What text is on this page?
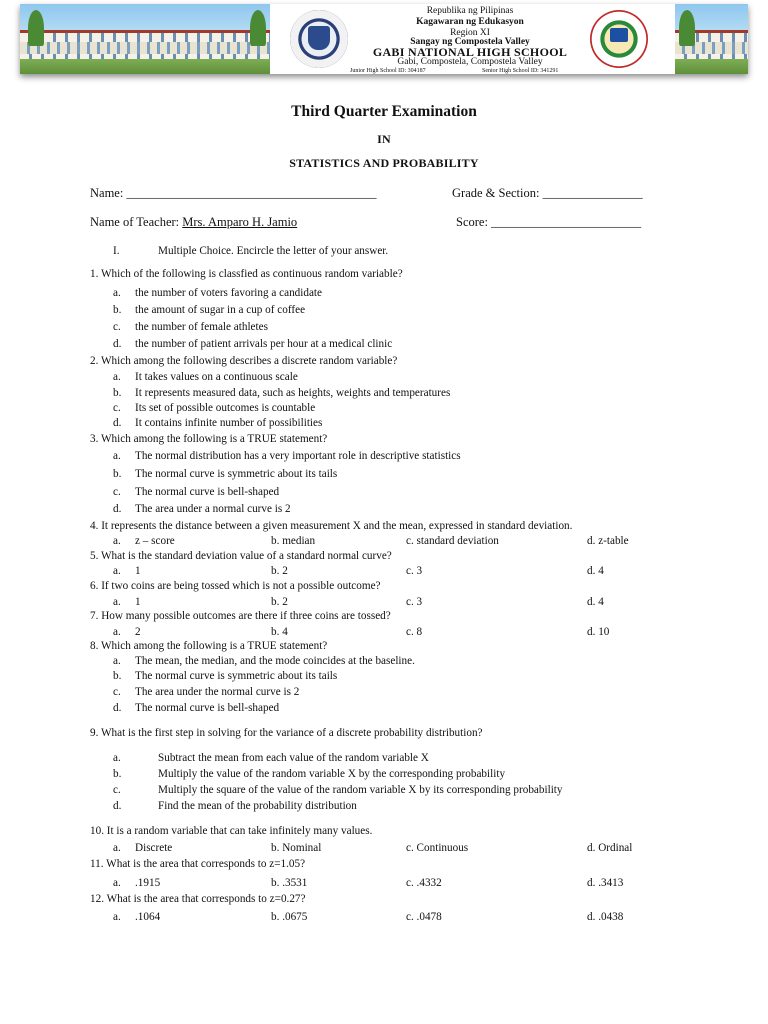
Republika ng Pilipinas
Kagawaran ng Edukasyon
Region XI
Sangay ng Compostela Valley
GABI NATIONAL HIGH SCHOOL
Gabi, Compostela, Compostela Valley
Junior High School ID: 304187	Senior High School ID: 341291
Third Quarter Examination
IN
STATISTICS AND PROBABILITY
Name: ________________________________________	Grade & Section: ________________
Name of Teacher: Mrs. Amparo H. Jamio	Score: ________________________
I.	Multiple Choice. Encircle the letter of your answer.
1. Which of the following is classfied as continuous random variable?
a. the number of voters favoring a candidate
b. the amount of sugar in a cup of coffee
c. the number of female athletes
d. the number of patient arrivals per hour at a medical clinic
2. Which among the following describes a discrete random variable?
a. It takes values on a continuous scale
b. It represents measured data, such as heights, weights and temperatures
c. Its set of possible outcomes is countable
d. It contains infinite number of possibilities
3. Which among the following is a TRUE statement?
a. The normal distribution has a very important role in descriptive statistics
b. The normal curve is symmetric about its tails
c. The normal curve is bell-shaped
d. The area under a normal curve is 2
4. It represents the distance between a given measurement X and the mean, expressed in standard deviation.
a. z – score	b. median	c. standard deviation	d. z-table
5. What is the standard deviation value of a standard normal curve?
a. 1	b. 2	c. 3	d. 4
6. If two coins are being tossed which is not a possible outcome?
a. 1	b. 2	c. 3	d. 4
7. How many possible outcomes are there if three coins are tossed?
a. 2	b. 4	c. 8	d. 10
8. Which among the following is a TRUE statement?
a. The mean, the median, and the mode coincides at the baseline.
b. The normal curve is symmetric about its tails
c. The area under the normal curve is 2
d. The normal curve is bell-shaped
9. What is the first step in solving for the variance of a discrete probability distribution?
a.	Subtract the mean from each value of the random variable X
b.	Multiply the value of the random variable X by the corresponding probability
c.	Multiply the square of the value of the random variable X by its corresponding probability
d.	Find the mean of the probability distribution
10. It is a random variable that can take infinitely many values.
a. Discrete	b. Nominal	c. Continuous	d. Ordinal
11. What is the area that corresponds to z=1.05?
a. .1915	b. .3531	c. .4332	d. .3413
12. What is the area that corresponds to z=0.27?
a. .1064	b. .0675	c. .0478	d. .0438
